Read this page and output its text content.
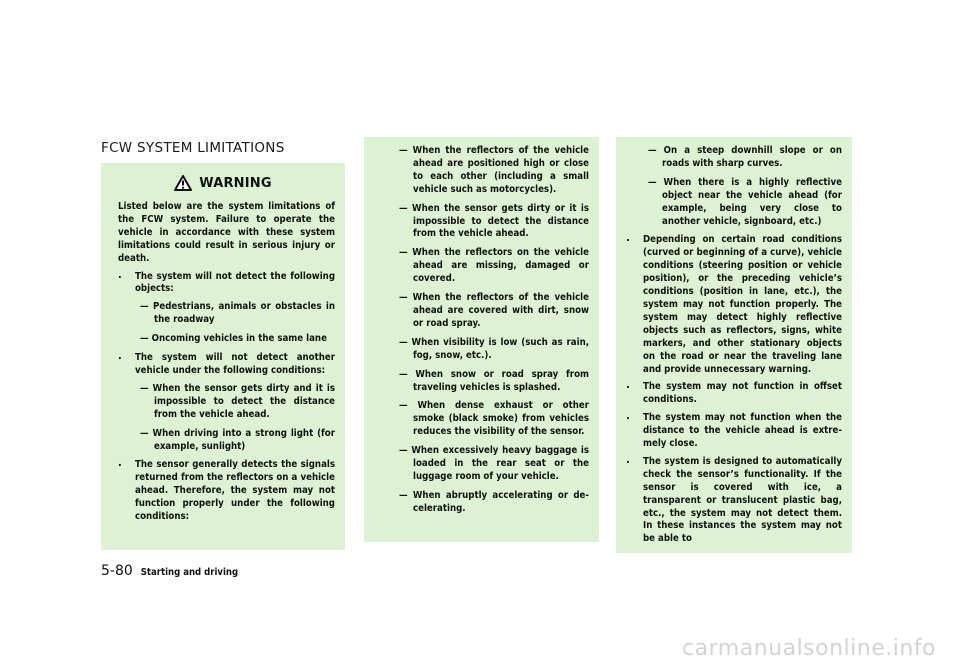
FCW SYSTEM LIMITATIONS
WARNING

Listed below are the system limitations of the FCW system. Failure to operate the vehicle in accordance with these system limitations could result in serious injury or death.

. The system will not detect the following objects:

— Pedestrians, animals or obstacles in the roadway

— Oncoming vehicles in the same lane

. The system will not detect another vehicle under the following conditions:

— When the sensor gets dirty and it is impossible to detect the distance from the vehicle ahead.

— When driving into a strong light (for example, sunlight)

. The sensor generally detects the signals returned from the reflectors on a vehicle ahead. Therefore, the system may not function properly under the following conditions:

— When the reflectors of the vehicle ahead are positioned high or close to each other (including a small vehicle such as motorcycles).

— When the sensor gets dirty or it is impossible to detect the distance from the vehicle ahead.

— When the reflectors on the vehicle ahead are missing, damaged or covered.

— When the reflectors of the vehicle ahead are covered with dirt, snow or road spray.

— When visibility is low (such as rain, fog, snow, etc.).

— When snow or road spray from traveling vehicles is splashed.

— When dense exhaust or other smoke (black smoke) from vehicles reduces the visibility of the sensor.

— When excessively heavy baggage is loaded in the rear seat or the luggage room of your vehicle.

— When abruptly accelerating or de-celerating.

— On a steep downhill slope or on roads with sharp curves.

— When there is a highly reflective object near the vehicle ahead (for example, being very close to another vehicle, signboard, etc.)

. Depending on certain road conditions (curved or beginning of a curve), vehicle conditions (steering position or vehicle position), or the preceding vehicle’s conditions (position in lane, etc.), the system may not function properly. The system may detect highly reflective objects such as reflectors, signs, white markers, and other stationary objects on the road or near the traveling lane and provide unnecessary warning.

. The system may not function in offset conditions.

. The system may not function when the distance to the vehicle ahead is extre-mely close.

. The system is designed to automatically check the sensor’s functionality. If the sensor is covered with ice, a transparent or translucent plastic bag, etc., the system may not detect them. In these instances the system may not be able to

5-80 Starting and driving
carmanualsonline.info
